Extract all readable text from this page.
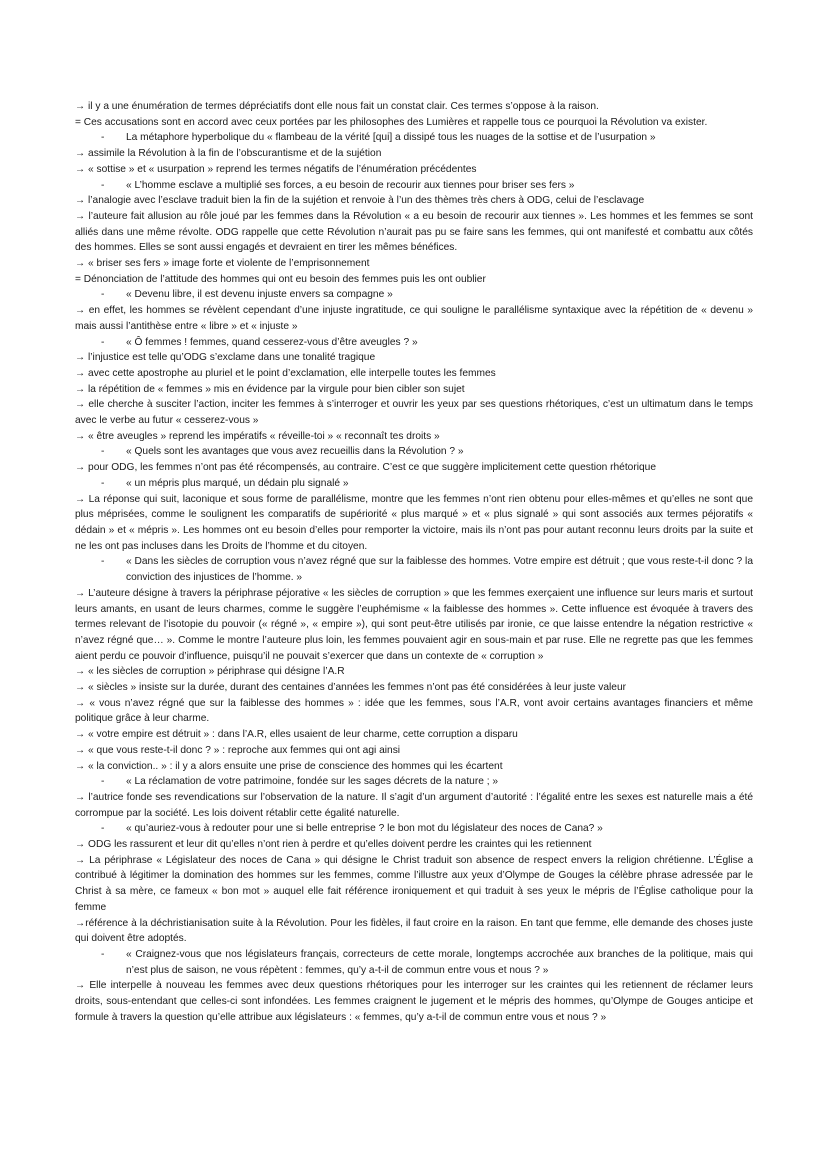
→ il y a une énumération de termes dépréciatifs dont elle nous fait un constat clair. Ces termes s’oppose à la raison.
= Ces accusations sont en accord avec ceux portées par les philosophes des Lumières et rappelle tous ce pourquoi la Révolution va exister.
- La métaphore hyperbolique du « flambeau de la vérité [qui] a dissipé tous les nuages de la sottise et de l’usurpation »
→ assimile la Révolution à la fin de l’obscurantisme et de la sujétion
→ « sottise » et « usurpation » reprend les termes négatifs de l’énumération précédentes
- « L’homme esclave a multiplié ses forces, a eu besoin de recourir aux tiennes pour briser ses fers »
→ l’analogie avec l’esclave traduit bien la fin de la sujétion et renvoie à l’un des thèmes très chers à ODG, celui de l’esclavage
→ l’auteure fait allusion au rôle joué par les femmes dans la Révolution « a eu besoin de recourir aux tiennes ». Les hommes et les femmes se sont alliés dans une même révolte. ODG rappelle que cette Révolution n’aurait pas pu se faire sans les femmes, qui ont manifesté et combattu aux côtés des hommes. Elles se sont aussi engagés et devraient en tirer les mêmes bénéfices.
→ « briser ses fers » image forte et violente de l’emprisonnement
= Dénonciation de l’attitude des hommes qui ont eu besoin des femmes puis les ont oublier
- « Devenu libre, il est devenu injuste envers sa compagne »
→ en effet, les hommes se révèlent cependant d’une injuste ingratitude, ce qui souligne le parallélisme syntaxique avec la répétition de « devenu » mais aussi l’antithèse entre « libre » et « injuste »
- « Ô femmes ! femmes, quand cesserez-vous d’être aveugles ? »
→ l’injustice est telle qu’ODG s’exclame dans une tonalité tragique
→ avec cette apostrophe au pluriel et le point d’exclamation, elle interpelle toutes les femmes
→ la répétition de « femmes » mis en évidence par la virgule pour bien cibler son sujet
→ elle cherche à susciter l’action, inciter les femmes à s’interroger et ouvrir les yeux par ses questions rhétoriques, c’est un ultimatum dans le temps avec le verbe au futur « cesserez-vous »
→ « être aveugles » reprend les impératifs « réveille-toi » « reconnaît tes droits »
- « Quels sont les avantages que vous avez recueillis dans la Révolution ? »
→ pour ODG, les femmes n’ont pas été récompensés, au contraire. C’est ce que suggère implicitement cette question rhétorique
- « un mépris plus marqué, un dédain plu signalé »
→ La réponse qui suit, laconique et sous forme de parallélisme, montre que les femmes n’ont rien obtenu pour elles-mêmes et qu’elles ne sont que plus méprisées, comme le soulignent les comparatifs de supériorité « plus marqué » et « plus signalé » qui sont associés aux termes péjoratifs « dédain » et « mépris ». Les hommes ont eu besoin d’elles pour remporter la victoire, mais ils n’ont pas pour autant reconnu leurs droits par la suite et ne les ont pas incluses dans les Droits de l’homme et du citoyen.
- « Dans les siècles de corruption vous n’avez régné que sur la faiblesse des hommes. Votre empire est détruit ; que vous reste-t-il donc ? la conviction des injustices de l’homme. »
→ L’auteure désigne à travers la périphrase péjorative « les siècles de corruption » que les femmes exerçaient une influence sur leurs maris et surtout leurs amants, en usant de leurs charmes, comme le suggère l’euphémisme « la faiblesse des hommes ». Cette influence est évoquée à travers des termes relevant de l’isotopie du pouvoir (« régné », « empire »), qui sont peut-être utilisés par ironie, ce que laisse entendre la négation restrictive « n’avez régné que… ». Comme le montre l’auteure plus loin, les femmes pouvaient agir en sous-main et par ruse. Elle ne regrette pas que les femmes aient perdu ce pouvoir d’influence, puisqu’il ne pouvait s’exercer que dans un contexte de « corruption »
→ « les siècles de corruption » périphrase qui désigne l’A.R
→ « siècles » insiste sur la durée, durant des centaines d’années les femmes n’ont pas été considérées à leur juste valeur
→ « vous n’avez régné que sur la faiblesse des hommes » : idée que les femmes, sous l’A.R, vont avoir certains avantages financiers et même politique grâce à leur charme.
→ « votre empire est détruit » : dans l’A.R, elles usaient de leur charme, cette corruption a disparu
→ « que vous reste-t-il donc ? » : reproche aux femmes qui ont agi ainsi
→ « la conviction.. » : il y a alors ensuite une prise de conscience des hommes qui les écartent
- « La réclamation de votre patrimoine, fondée sur les sages décrets de la nature ; »
→ l’autrice fonde ses revendications sur l’observation de la nature. Il s’agit d’un argument d’autorité : l’égalité entre les sexes est naturelle mais a été corrompue par la société. Les lois doivent rétablir cette égalité naturelle.
- « qu’auriez-vous à redouter pour une si belle entreprise ? le bon mot du législateur des noces de Cana? »
→ ODG les rassurent et leur dit qu’elles n’ont rien à perdre et qu’elles doivent perdre les craintes qui les retiennent
→ La périphrase « Législateur des noces de Cana » qui désigne le Christ traduit son absence de respect envers la religion chrétienne. L’Église a contribué à légitimer la domination des hommes sur les femmes, comme l’illustre aux yeux d’Olympe de Gouges la célèbre phrase adressée par le Christ à sa mère, ce fameux « bon mot » auquel elle fait référence ironiquement et qui traduit à ses yeux le mépris de l’Église catholique pour la femme
→référence à la déchristianisation suite à la Révolution. Pour les fidèles, il faut croire en la raison. En tant que femme, elle demande des choses juste qui doivent être adoptés.
- « Craignez-vous que nos législateurs français, correcteurs de cette morale, longtemps accrochée aux branches de la politique, mais qui n’est plus de saison, ne vous répètent : femmes, qu’y a-t-il de commun entre vous et nous ? »
→ Elle interpelle à nouveau les femmes avec deux questions rhétoriques pour les interroger sur les craintes qui les retiennent de réclamer leurs droits, sous-entendant que celles-ci sont infondées. Les femmes craignent le jugement et le mépris des hommes, qu’Olympe de Gouges anticipe et formule à travers la question qu’elle attribue aux législateurs : « femmes, qu’y a-t-il de commun entre vous et nous ? »
